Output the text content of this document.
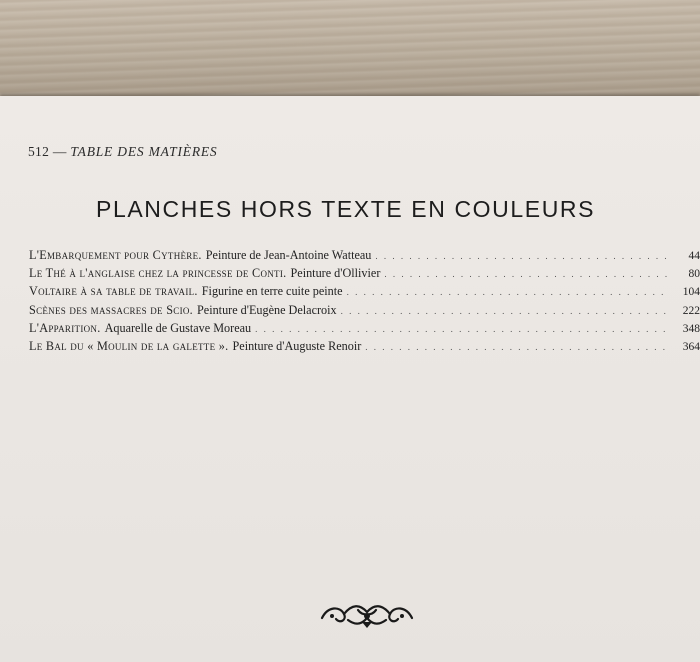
512 — TABLE DES MATIÈRES
PLANCHES HORS TEXTE EN COULEURS
L'Embarquement pour Cythère. Peinture de Jean-Antoine Watteau . . .	44
Le Thé à l'anglaise chez la princesse de Conti. Peinture d'Ollivier . . .	80
Voltaire à sa table de travail. Figurine en terre cuite peinte . . .	104
Scènes des massacres de Scio. Peinture d'Eugène Delacroix . . .	222
L'Apparition. Aquarelle de Gustave Moreau . . .	348
Le Bal du « Moulin de la galette ». Peinture d'Auguste Renoir . . .	364
